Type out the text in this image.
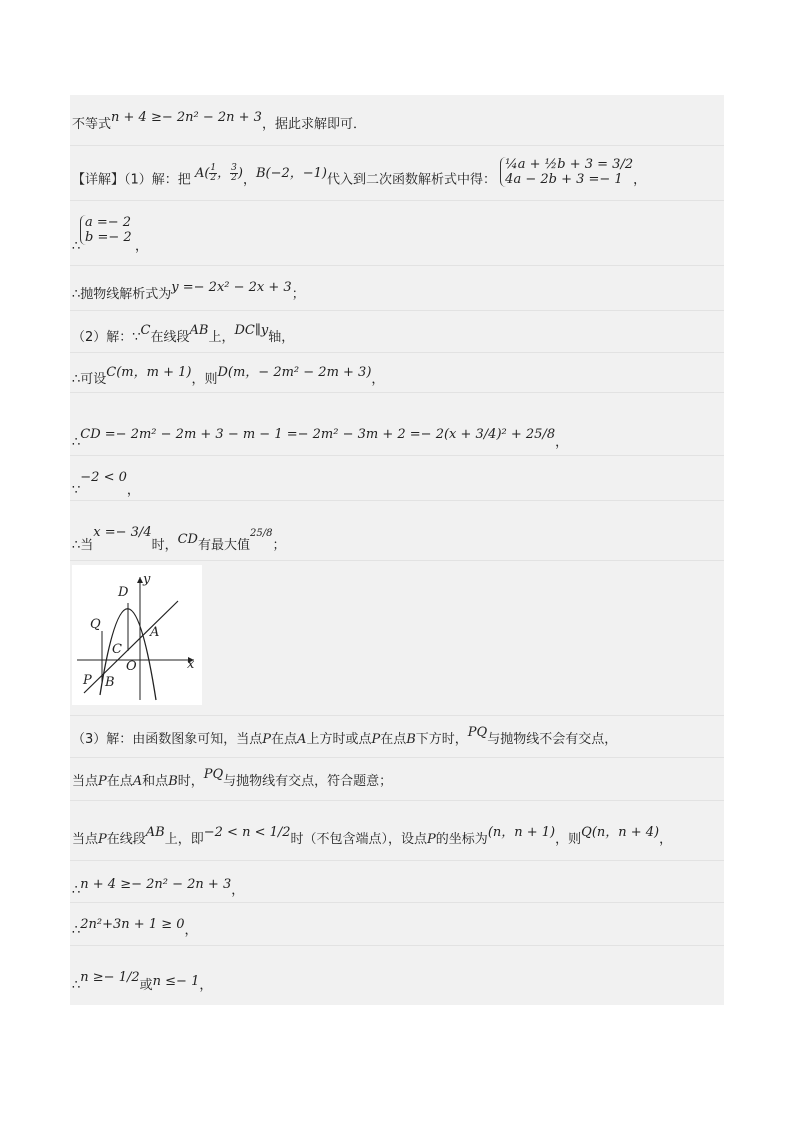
不等式n + 4 ≥− 2n² − 2n + 3，据此求解即可．
【详解】（1）解：把 $A( \frac{1}{2}$ ， $\frac{3}{2}$ )，B(−2，−1)代入到二次函数解析式中得：
¼a + ½b + 3 = 3/2
4a − 2b + 3 =− 1 ，
∴
a =− 2
b =− 2
，
∴抛物线解析式为y =− 2x² − 2x + 3；
（2）解：∵C在线段AB上，DC∥y轴，
∴可设C(m，m + 1)，则D(m，− 2m² − 2m + 3)，
∴CD =− 2m² − 2m + 3 − m − 1 =− 2m² − 3m + 2 =− 2(x + 3/4)² + 25/8，
∵−2 < 0，
∴当x =− 3/4时，CD有最大值$^{25/8}$；
y
x
D
Q
A
C
O
P B
（3）解：由函数图象可知，当点P在点A上方时或点P在点B下方时，PQ与抛物线不会有交点，
当点P在点A和点B时，PQ与抛物线有交点，符合题意；
当点P在线段AB上，即−2 < n < 1/2时（不包含端点），设点P的坐标为(n，n + 1)，则Q(n，n + 4)，
∴n + 4 ≥− 2n² − 2n + 3，
∴2n²+3n + 1 ≥ 0，
∴n ≥− 1/2或n ≤− 1，
